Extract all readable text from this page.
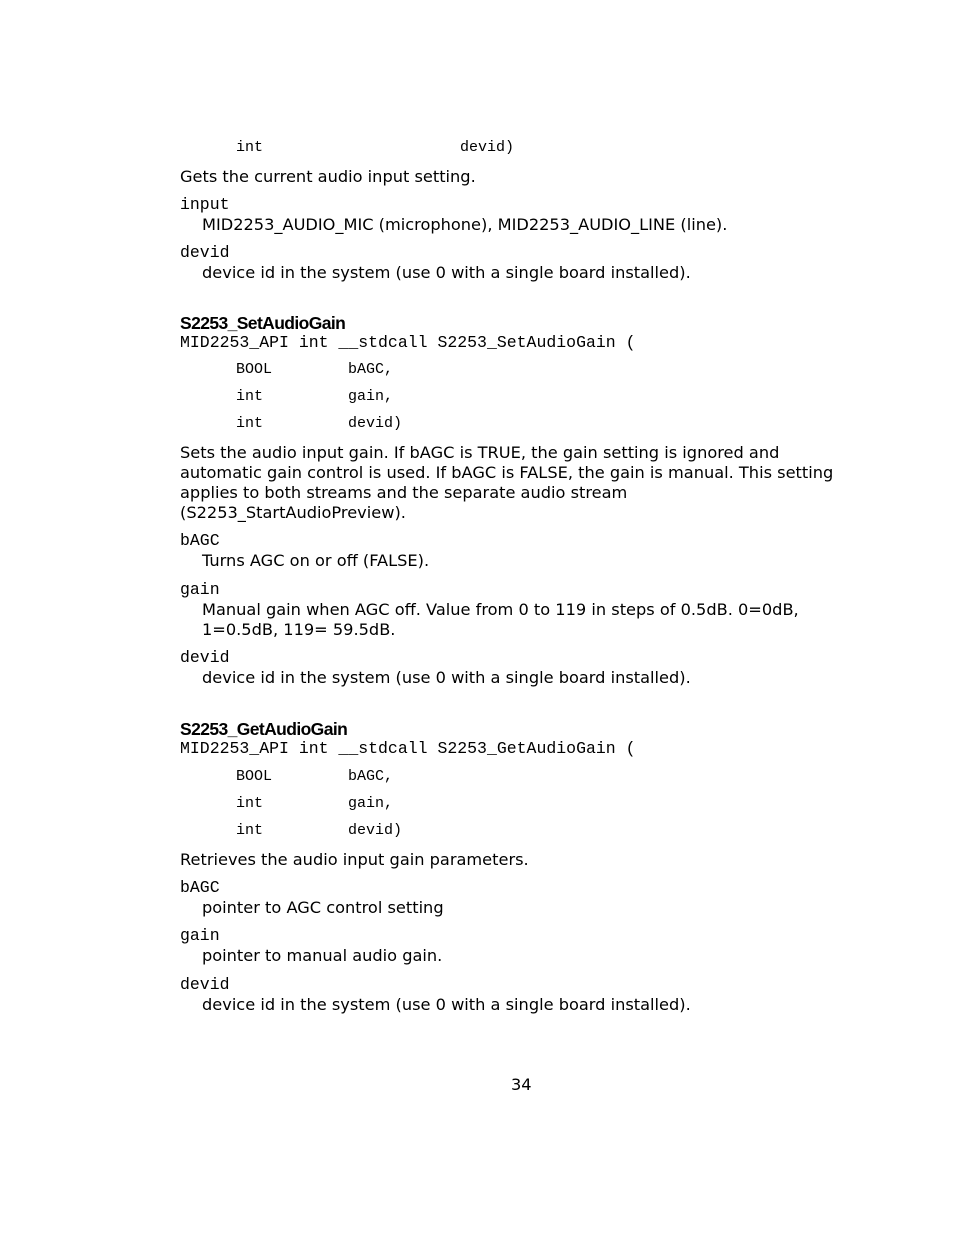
int	devid)
Gets the current audio input setting.
input
MID2253_AUDIO_MIC (microphone), MID2253_AUDIO_LINE (line).
devid
device id in the system (use 0 with a single board installed).
S2253_SetAudioGain
MID2253_API int __stdcall S2253_SetAudioGain (
BOOL	bAGC,
int	gain,
int	devid)
Sets the audio input gain. If bAGC is TRUE, the gain setting is ignored and automatic gain control is used. If bAGC is FALSE, the gain is manual. This setting applies to both streams and the separate audio stream (S2253_StartAudioPreview).
bAGC
Turns AGC on or off (FALSE).
gain
Manual gain when AGC off. Value from 0 to 119 in steps of 0.5dB. 0=0dB, 1=0.5dB, 119= 59.5dB.
devid
device id in the system (use 0 with a single board installed).
S2253_GetAudioGain
MID2253_API int __stdcall S2253_GetAudioGain (
BOOL	bAGC,
int	gain,
int	devid)
Retrieves the audio input gain parameters.
bAGC
pointer to AGC control setting
gain
pointer to manual audio gain.
devid
device id in the system (use 0 with a single board installed).
34
